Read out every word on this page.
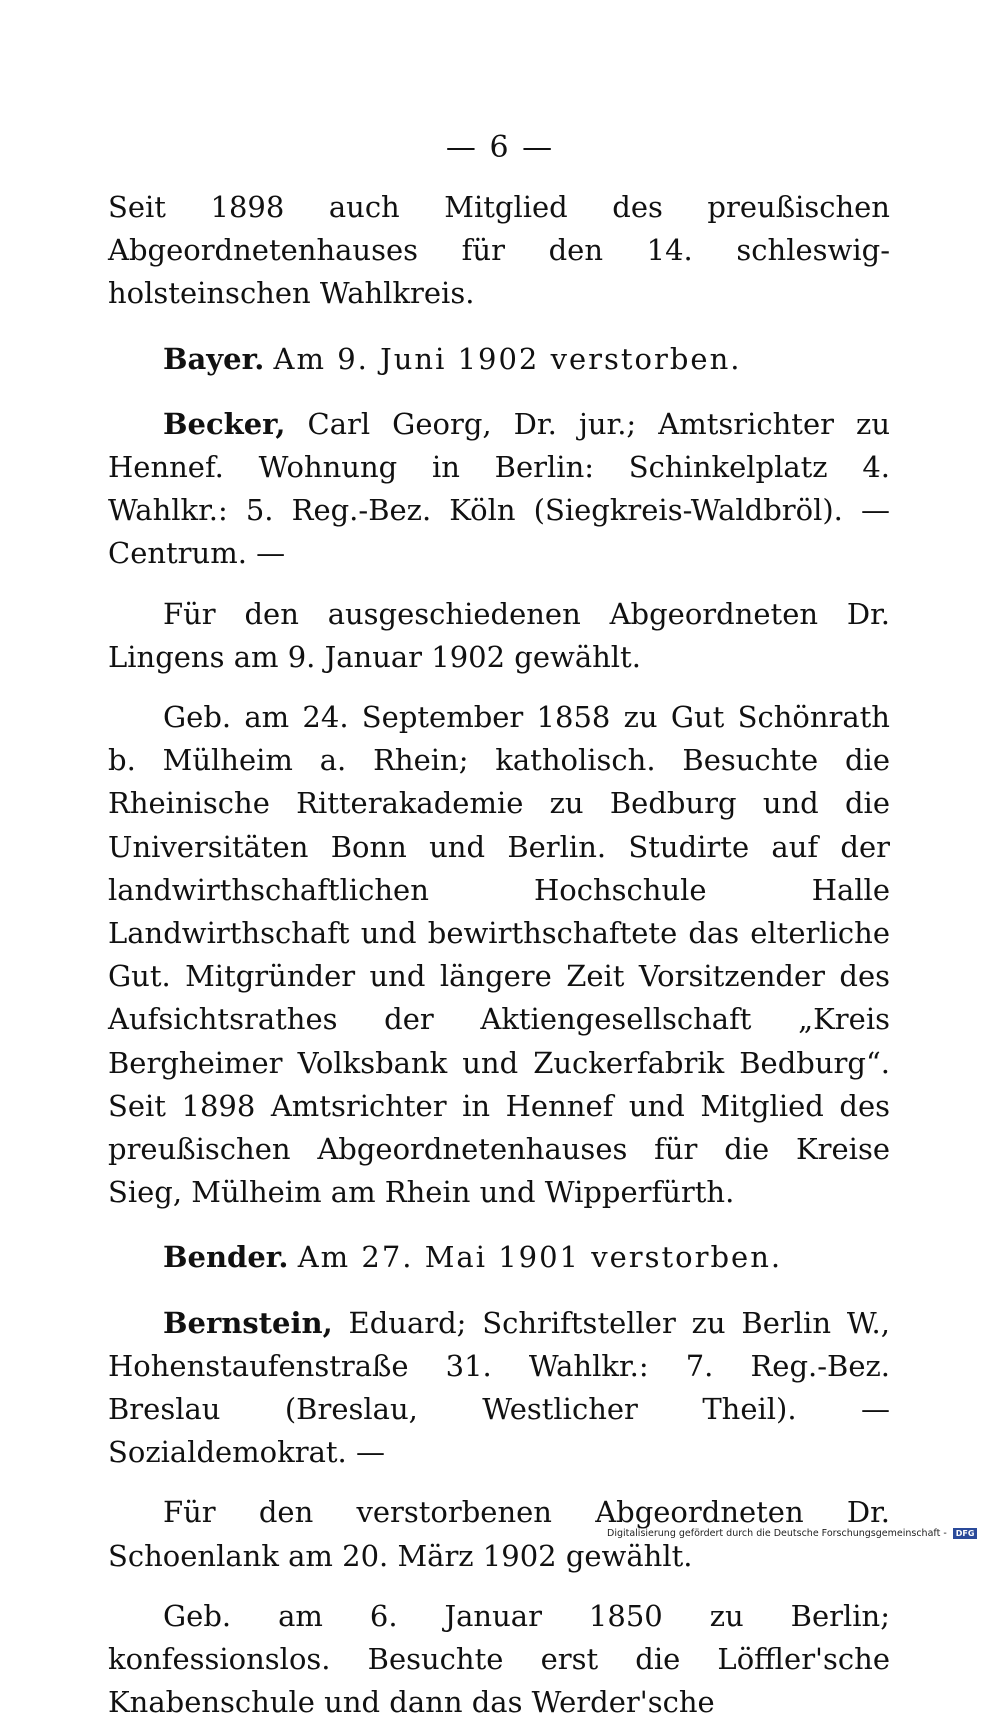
— 6 —

Seit 1898 auch Mitglied des preußischen Abgeordnetenhauses für den 14. schleswig-holsteinschen Wahlkreis.

Bayer. Am 9. Juni 1902 verstorben.

Becker, Carl Georg, Dr. jur.; Amtsrichter zu Hennef. Wohnung in Berlin: Schinkelplatz 4. Wahlkr.: 5. Reg.-Bez. Köln (Siegkreis-Waldbröl). — Centrum. —

Für den ausgeschiedenen Abgeordneten Dr. Lingens am 9. Januar 1902 gewählt.

Geb. am 24. September 1858 zu Gut Schönrath b. Mülheim a. Rhein; katholisch. Besuchte die Rheinische Ritterakademie zu Bedburg und die Universitäten Bonn und Berlin. Studirte auf der landwirthschaftlichen Hochschule Halle Landwirthschaft und bewirthschaftete das elterliche Gut. Mitgründer und längere Zeit Vorsitzender des Aufsichtsrathes der Aktiengesellschaft „Kreis Bergheimer Volksbank und Zuckerfabrik Bedburg“. Seit 1898 Amtsrichter in Hennef und Mitglied des preußischen Abgeordnetenhauses für die Kreise Sieg, Mülheim am Rhein und Wipperfürth.

Bender. Am 27. Mai 1901 verstorben.

Bernstein, Eduard; Schriftsteller zu Berlin W., Hohenstaufenstraße 31. Wahlkr.: 7. Reg.-Bez. Breslau (Breslau, Westlicher Theil). — Sozialdemokrat. —

Für den verstorbenen Abgeordneten Dr. Schoenlank am 20. März 1902 gewählt.

Geb. am 6. Januar 1850 zu Berlin; konfessionslos. Besuchte erst die Löffler'sche Knabenschule und dann das Werder'sche

Digitalisierung gefördert durch die Deutsche Forschungsgemeinschaft - DFG
